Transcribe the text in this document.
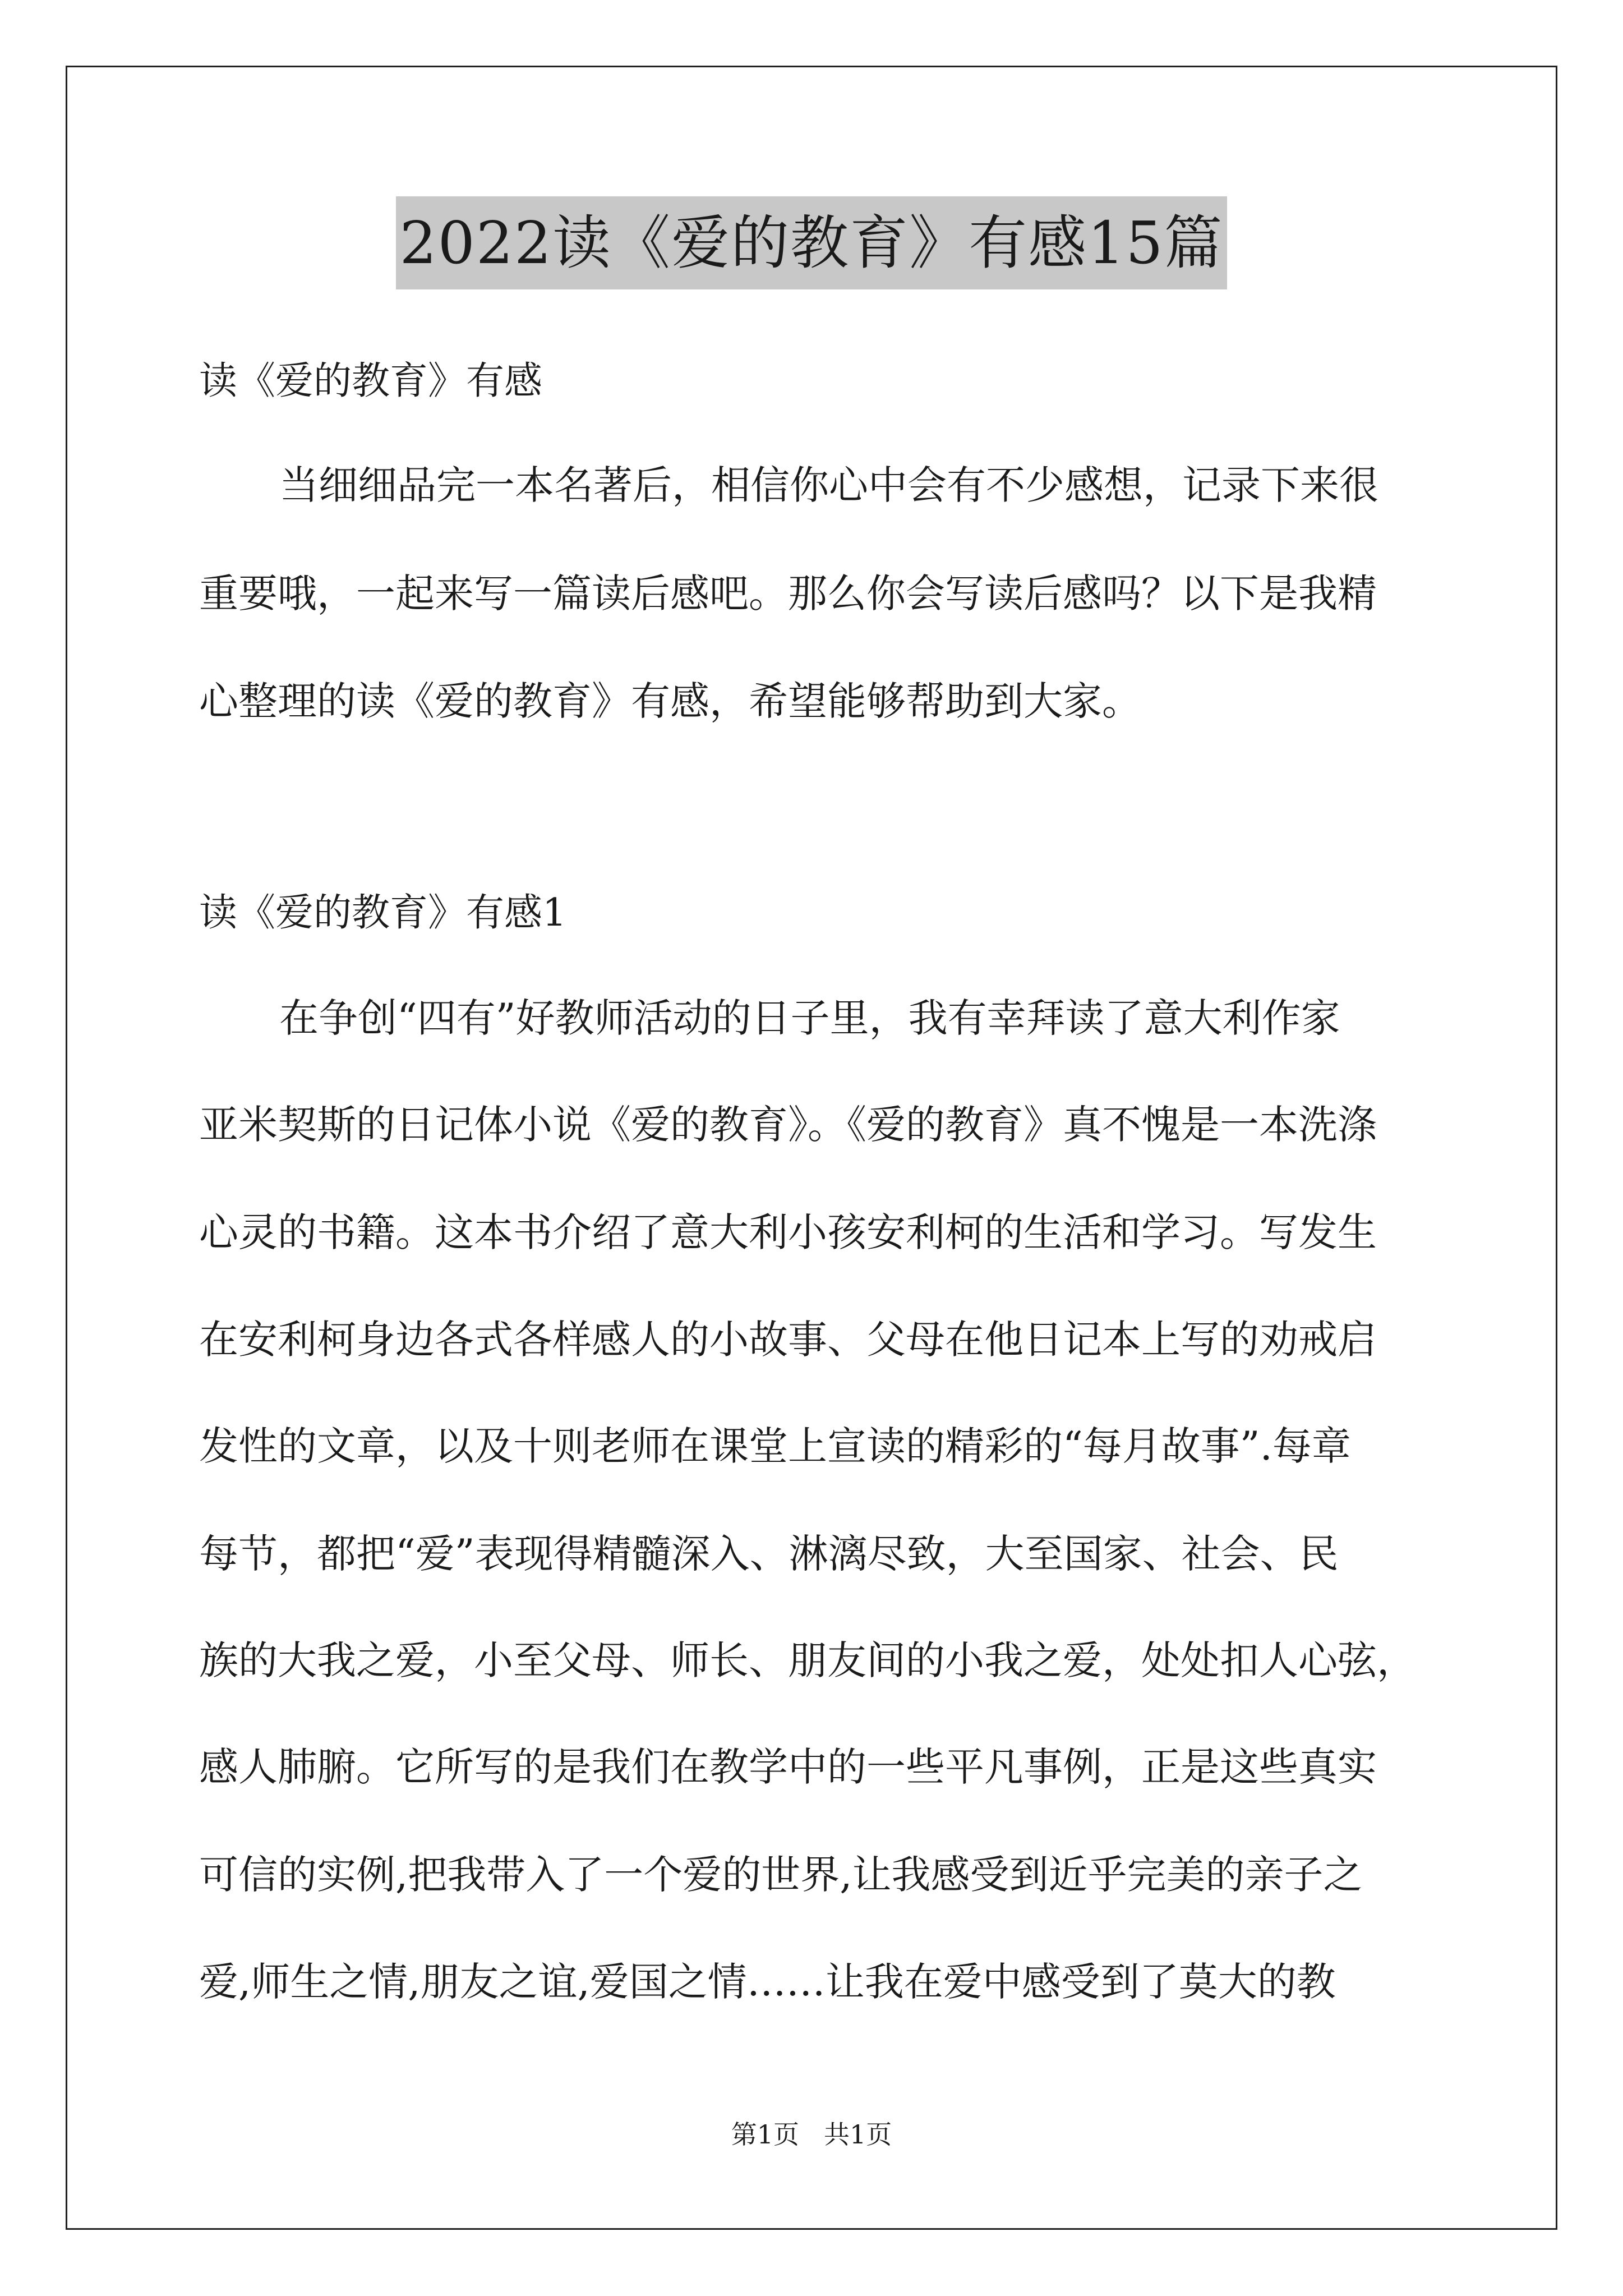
2022读《爱的教育》有感15篇
读《爱的教育》有感
当细细品完一本名著后，相信你心中会有不少感想，记录下来很
重要哦，一起来写一篇读后感吧。那么你会写读后感吗？以下是我精
心整理的读《爱的教育》有感，希望能够帮助到大家。
读《爱的教育》有感1
在争创“四有”好教师活动的日子里，我有幸拜读了意大利作家
亚米契斯的日记体小说《爱的教育》。《爱的教育》真不愧是一本洗涤
心灵的书籍。这本书介绍了意大利小孩安利柯的生活和学习。写发生
在安利柯身边各式各样感人的小故事、父母在他日记本上写的劝戒启
发性的文章，以及十则老师在课堂上宣读的精彩的“每月故事”.每章
每节，都把“爱”表现得精髓深入、淋漓尽致，大至国家、社会、民
族的大我之爱，小至父母、师长、朋友间的小我之爱，处处扣人心弦，
感人肺腑。它所写的是我们在教学中的一些平凡事例，正是这些真实
可信的实例,把我带入了一个爱的世界,让我感受到近乎完美的亲子之
爱,师生之情,朋友之谊,爱国之情……让我在爱中感受到了莫大的教
第1页 共1页
